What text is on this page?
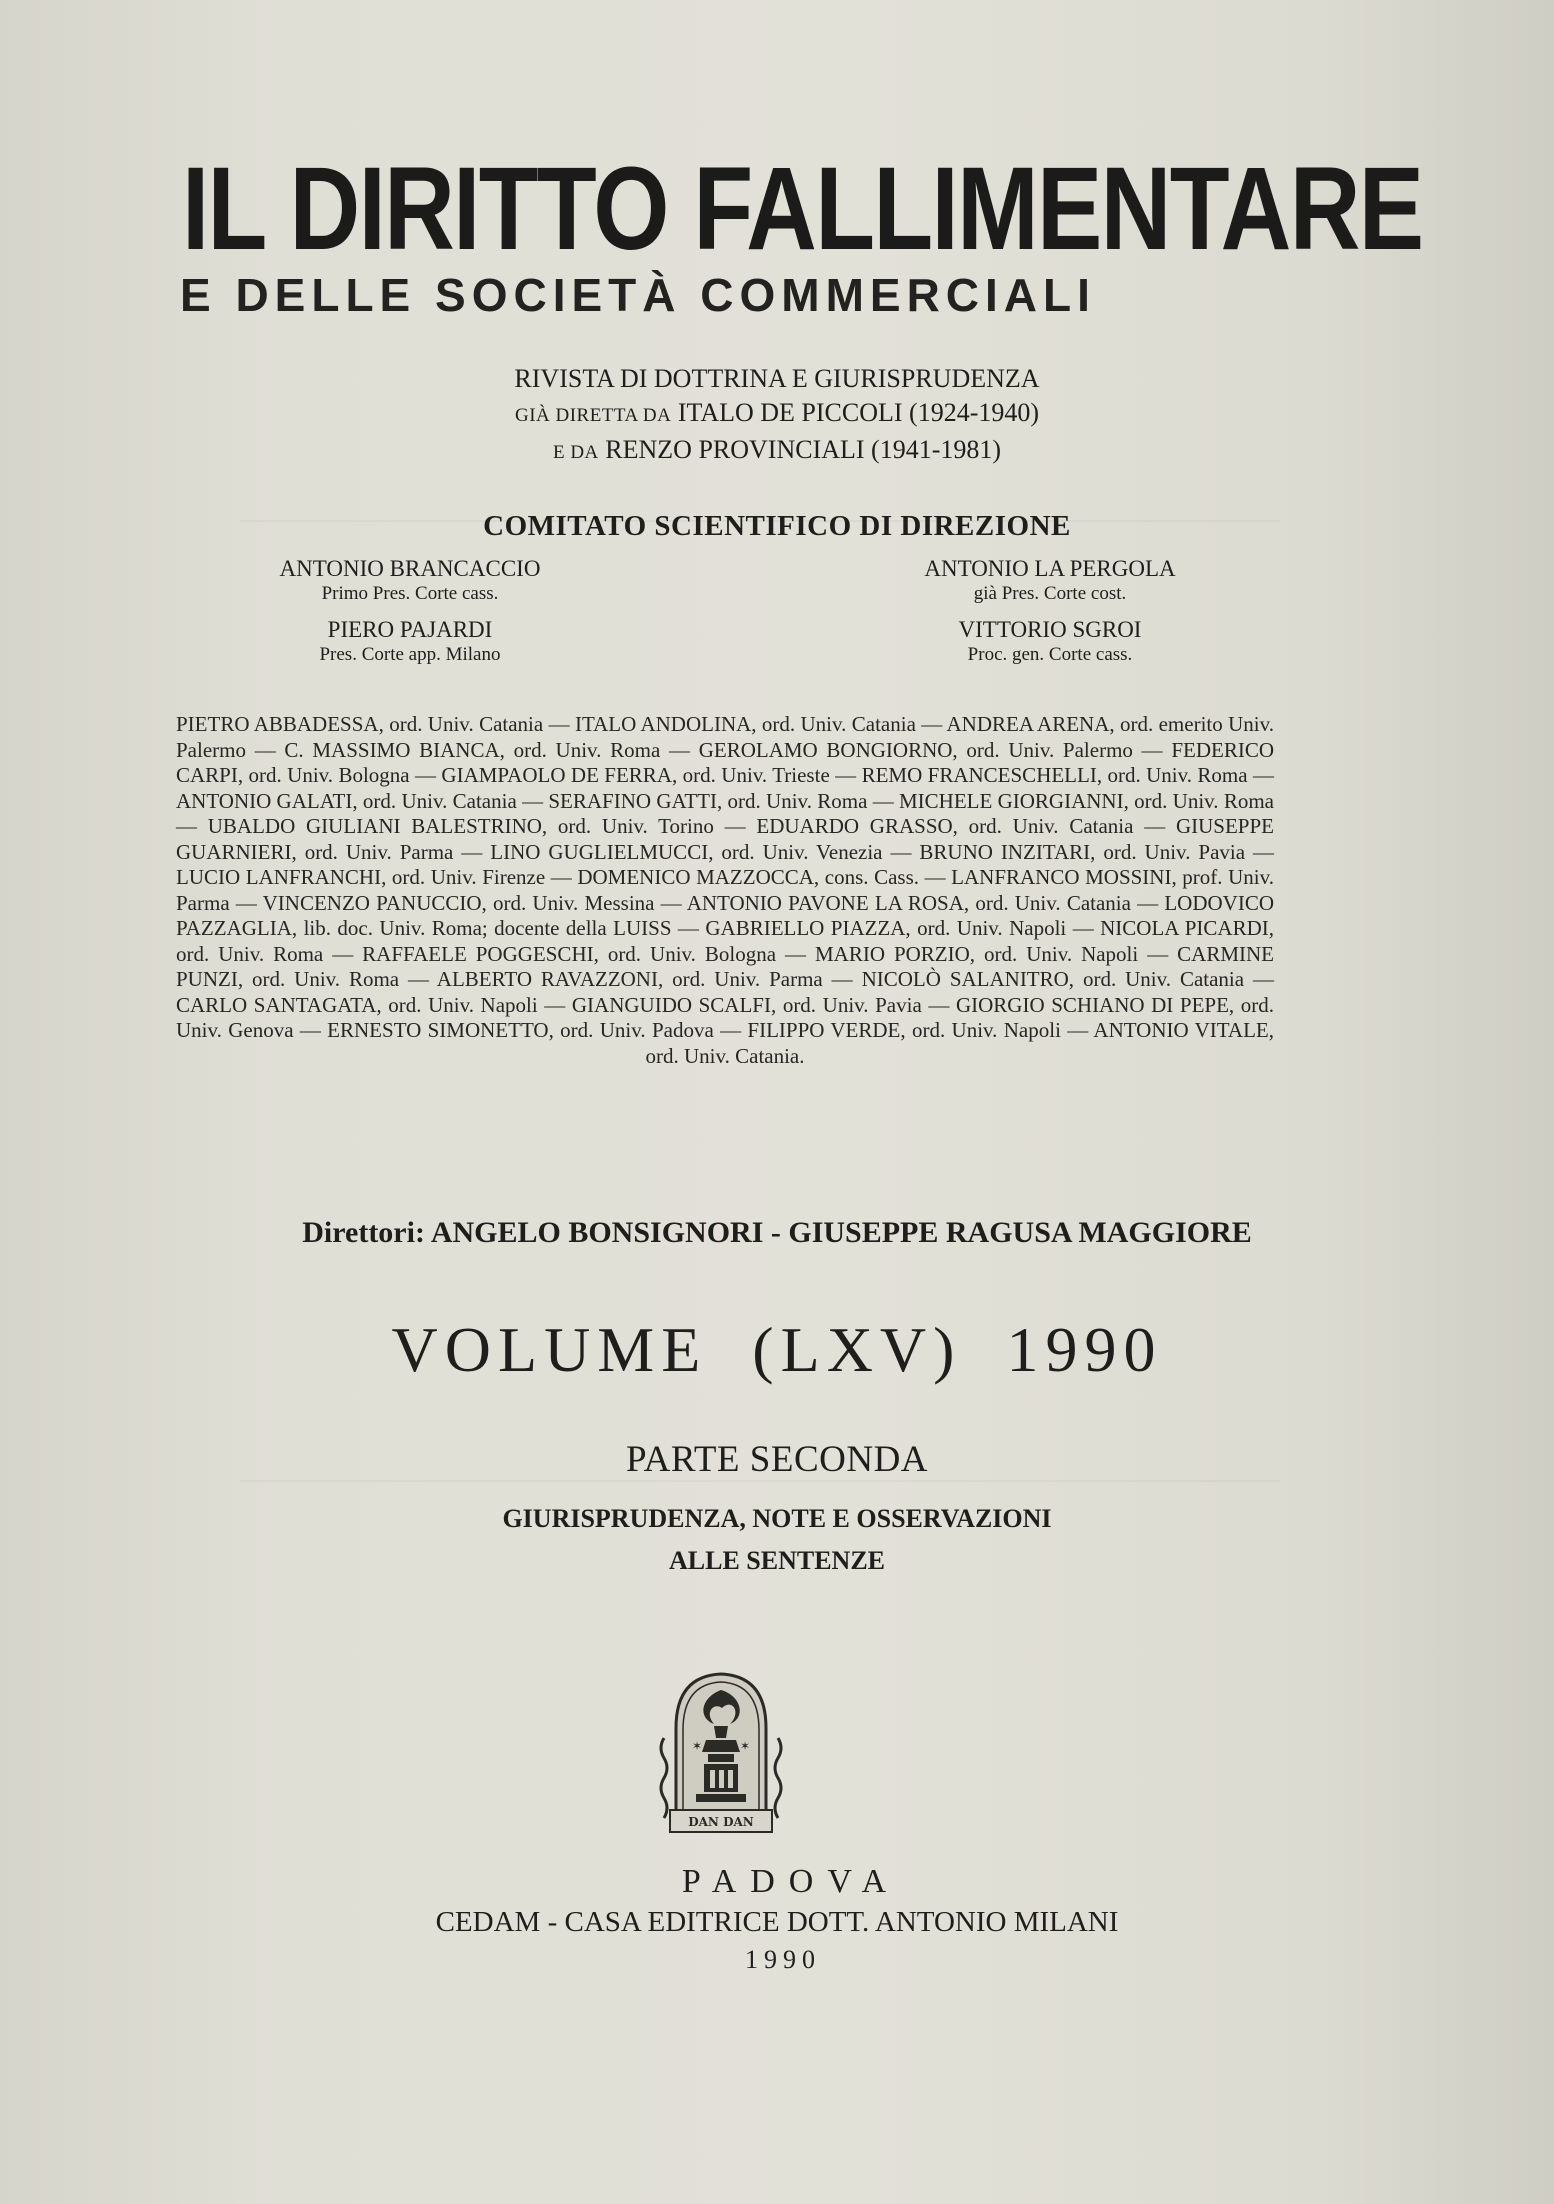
IL DIRITTO FALLIMENTARE
E DELLE SOCIETÀ COMMERCIALI
RIVISTA DI DOTTRINA E GIURISPRUDENZA
GIÀ DIRETTA DA ITALO DE PICCOLI (1924-1940)
E DA RENZO PROVINCIALI (1941-1981)
COMITATO SCIENTIFICO DI DIREZIONE
ANTONIO BRANCACCIO
Primo Pres. Corte cass.
ANTONIO LA PERGOLA
già Pres. Corte cost.
PIERO PAJARDI
Pres. Corte app. Milano
VITTORIO SGROI
Proc. gen. Corte cass.
PIETRO ABBADESSA, ord. Univ. Catania — ITALO ANDOLINA, ord. Univ. Catania — ANDREA ARENA, ord. emerito Univ. Palermo — C. MASSIMO BIANCA, ord. Univ. Roma — GEROLAMO BONGIORNO, ord. Univ. Palermo — FEDERICO CARPI, ord. Univ. Bologna — GIAMPAOLO DE FERRA, ord. Univ. Trieste — REMO FRANCESCHELLI, ord. Univ. Roma — ANTONIO GALATI, ord. Univ. Catania — SERAFINO GATTI, ord. Univ. Roma — MICHELE GIORGIANNI, ord. Univ. Roma — UBALDO GIULIANI BALESTRINO, ord. Univ. Torino — EDUARDO GRASSO, ord. Univ. Catania — GIUSEPPE GUARNIERI, ord. Univ. Parma — LINO GUGLIELMUCCI, ord. Univ. Venezia — BRUNO INZITARI, ord. Univ. Pavia — LUCIO LANFRANCHI, ord. Univ. Firenze — DOMENICO MAZZOCCA, cons. Cass. — LANFRANCO MOSSINI, prof. Univ. Parma — VINCENZO PANUCCIO, ord. Univ. Messina — ANTONIO PAVONE LA ROSA, ord. Univ. Catania — LODOVICO PAZZAGLIA, lib. doc. Univ. Roma; docente della LUISS — GABRIELLO PIAZZA, ord. Univ. Napoli — NICOLA PICARDI, ord. Univ. Roma — RAFFAELE POGGESCHI, ord. Univ. Bologna — MARIO PORZIO, ord. Univ. Napoli — CARMINE PUNZI, ord. Univ. Roma — ALBERTO RAVAZZONI, ord. Univ. Parma — NICOLÒ SALANITRO, ord. Univ. Catania — CARLO SANTAGATA, ord. Univ. Napoli — GIANGUIDO SCALFI, ord. Univ. Pavia — GIORGIO SCHIANO DI PEPE, ord. Univ. Genova — ERNESTO SIMONETTO, ord. Univ. Padova — FILIPPO VERDE, ord. Univ. Napoli — ANTONIO VITALE, ord. Univ. Catania.
Direttori: ANGELO BONSIGNORI - GIUSEPPE RAGUSA MAGGIORE
VOLUME (LXV) 1990
PARTE SECONDA
GIURISPRUDENZA, NOTE E OSSERVAZIONI
ALLE SENTENZE
✶	✶
DAN DAN
PADOVA
CEDAM - CASA EDITRICE DOTT. ANTONIO MILANI
1990
